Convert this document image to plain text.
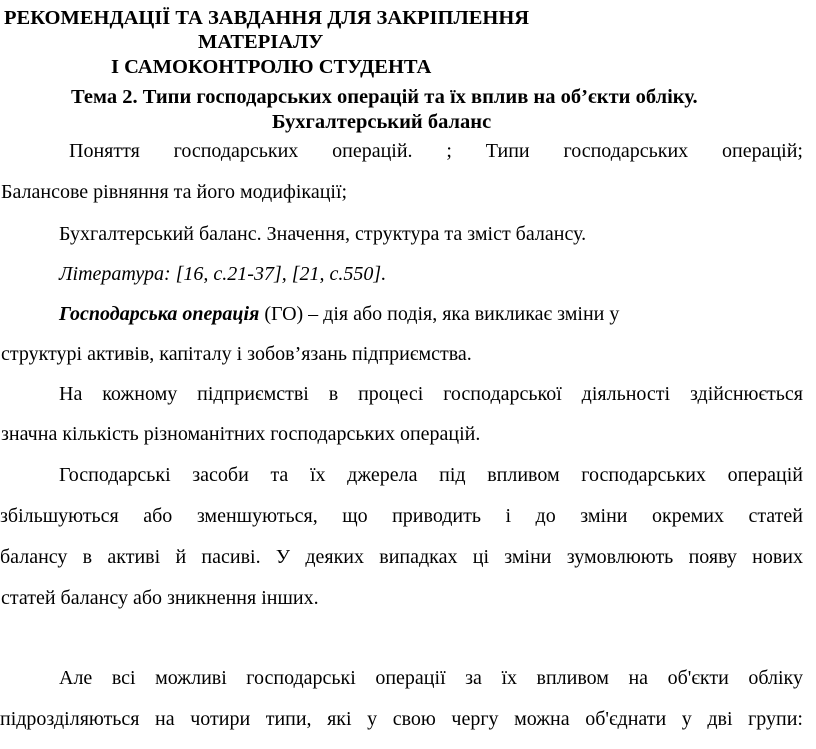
РЕКОМЕНДАЦІЇ ТА ЗАВДАННЯ ДЛЯ ЗАКРІПЛЕННЯ
МАТЕРІАЛУ
І САМОКОНТРОЛЮ СТУДЕНТА
Тема 2. Типи господарських операцій та їх вплив на об’єкти обліку.
Бухгалтерський баланс
Поняття господарських операцій. ; Типи господарських операцій;
Балансове рівняння та його модифікації;
Бухгалтерський баланс. Значення, структура та зміст балансу.
Література: [16, с.21-37], [21, с.550].
Господарська операція (ГО) – дія або подія, яка викликає зміни у
структурі активів, капіталу і зобов’язань підприємства.
На кожному підприємстві в процесі господарської діяльності здійснюється
значна кількість різноманітних господарських операцій.
Господарські засоби та їх джерела під впливом господарських операцій
збільшуються або зменшуються, що приводить і до зміни окремих статей
балансу в активі й пасиві. У деяких випадках ці зміни зумовлюють появу нових
статей балансу або зникнення інших.
Але всі можливі господарські операції за їх впливом на об'єкти обліку
підрозділяються на чотири типи, які у свою чергу можна об'єднати у дві групи:
